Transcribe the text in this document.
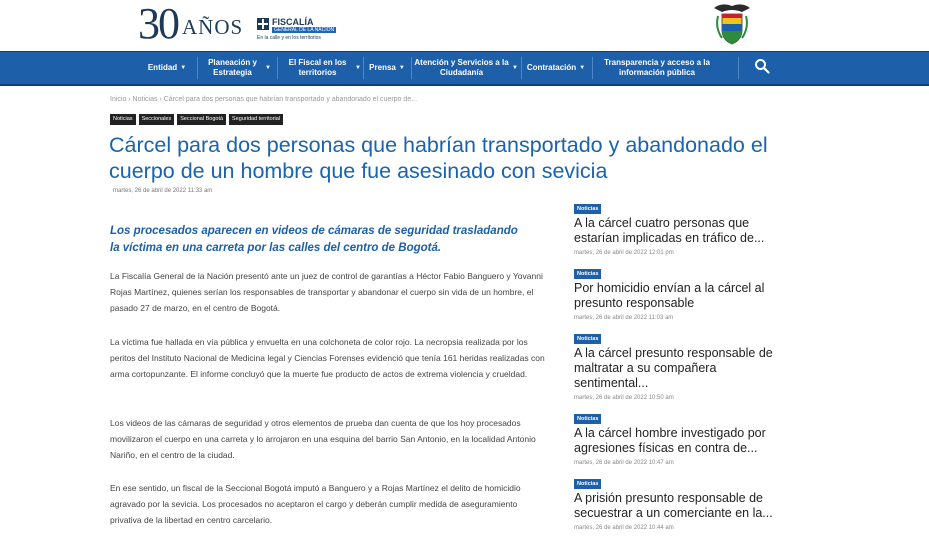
30 AÑOS	FISCALÍA
GENERAL DE LA NACIÓN
En la calle y en los territorios
Entidad ▼
Planeación y Estrategia	▼
El Fiscal en los territorios	▼ Prensa ▼
Atención y Servicios a la Ciudadanía	▼ Contratación ▼
Transparencia y acceso a la información pública
Inicio › Noticias › Cárcel para dos personas que habrían transportado y abandonado el cuerpo de...
Noticias	Seccionales	Seccional Bogotá	Seguridad territorial
Cárcel para dos personas que habrían transportado y abandonado el cuerpo de un hombre que fue asesinado con sevicia
martes, 26 de abril de 2022 11:33 am

Los procesados aparecen en videos de cámaras de seguridad trasladando la víctima en una carreta por las calles del centro de Bogotá.

La Fiscalía General de la Nación presentó ante un juez de control de garantías a Héctor Fabio Banguero y Yovanni Rojas Martínez, quienes serían los responsables de transportar y abandonar el cuerpo sin vida de un hombre, el pasado 27 de marzo, en el centro de Bogotá.

La víctima fue hallada en vía pública y envuelta en una colchoneta de color rojo. La necropsia realizada por los peritos del Instituto Nacional de Medicina legal y Ciencias Forenses evidenció que tenía 161 heridas realizadas con arma cortopunzante. El informe concluyó que la muerte fue producto de actos de extrema violencia y crueldad.

Los videos de las cámaras de seguridad y otros elementos de prueba dan cuenta de que los hoy procesados movilizaron el cuerpo en una carreta y lo arrojaron en una esquina del barrio San Antonio, en la localidad Antonio Nariño, en el centro de la ciudad.

En ese sentido, un fiscal de la Seccional Bogotá imputó a Banguero y a Rojas Martínez el delito de homicidio agravado por la sevicia. Los procesados no aceptaron el cargo y deberán cumplir medida de aseguramiento privativa de la libertad en centro carcelario.

Noticias
A la cárcel cuatro personas que estarían implicadas en tráfico de...
martes, 26 de abril de 2022 12:01 pm
Noticias
Por homicidio envían a la cárcel al presunto responsable
martes, 26 de abril de 2022 11:03 am
Noticias
A la cárcel presunto responsable de maltratar a su compañera sentimental...
martes, 26 de abril de 2022 10:50 am
Noticias
A la cárcel hombre investigado por agresiones físicas en contra de...
martes, 26 de abril de 2022 10:47 am
Noticias
A prisión presunto responsable de secuestrar a un comerciante en la...
martes, 26 de abril de 2022 10:44 am
